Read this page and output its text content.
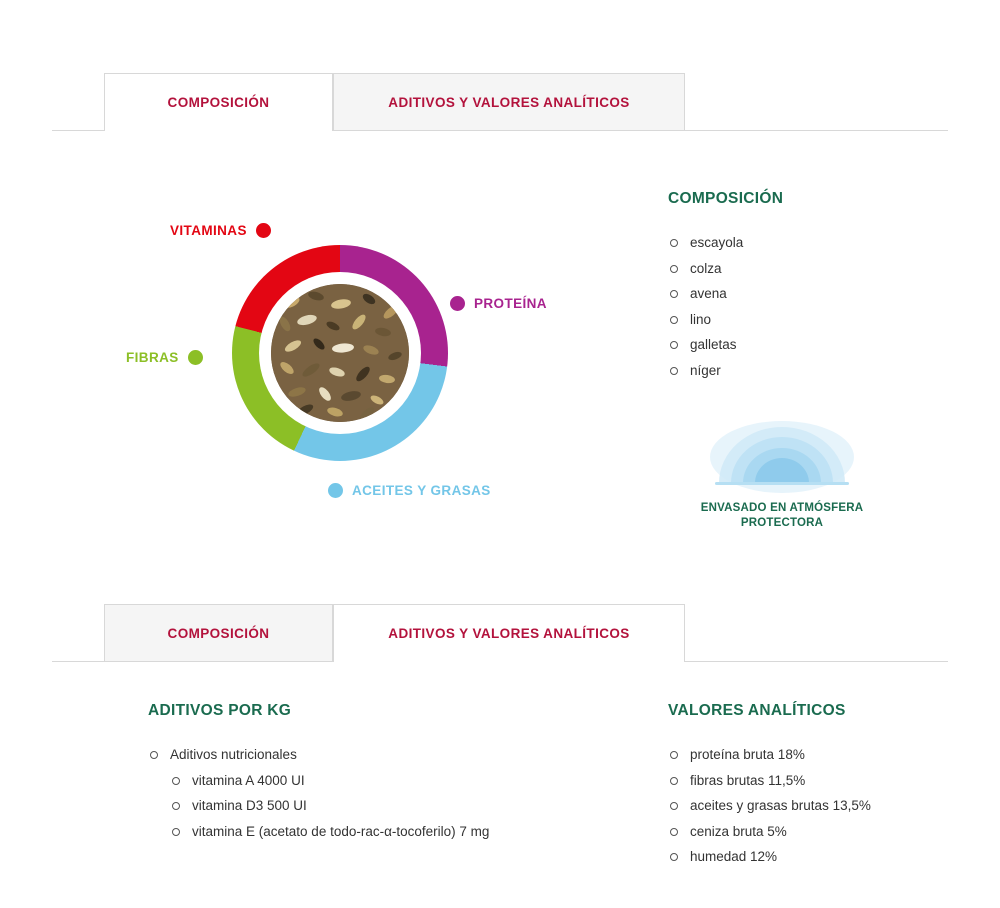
COMPOSICIÓN	ADITIVOS Y VALORES ANALÍTICOS
VITAMINAS
FIBRAS
PROTEÍNA
ACEITES Y GRASAS
COMPOSICIÓN
escayola
colza
avena
lino
galletas
níger
ENVASADO EN ATMÓSFERA
PROTECTORA
COMPOSICIÓN	ADITIVOS Y VALORES ANALÍTICOS
ADITIVOS POR KG
Aditivos nutricionales
vitamina A 4000 UI
vitamina D3 500 UI
vitamina E (acetato de todo-rac-α-tocoferilo) 7 mg
VALORES ANALÍTICOS
proteína bruta 18%
fibras brutas 11,5%
aceites y grasas brutas 13,5%
ceniza bruta 5%
humedad 12%
